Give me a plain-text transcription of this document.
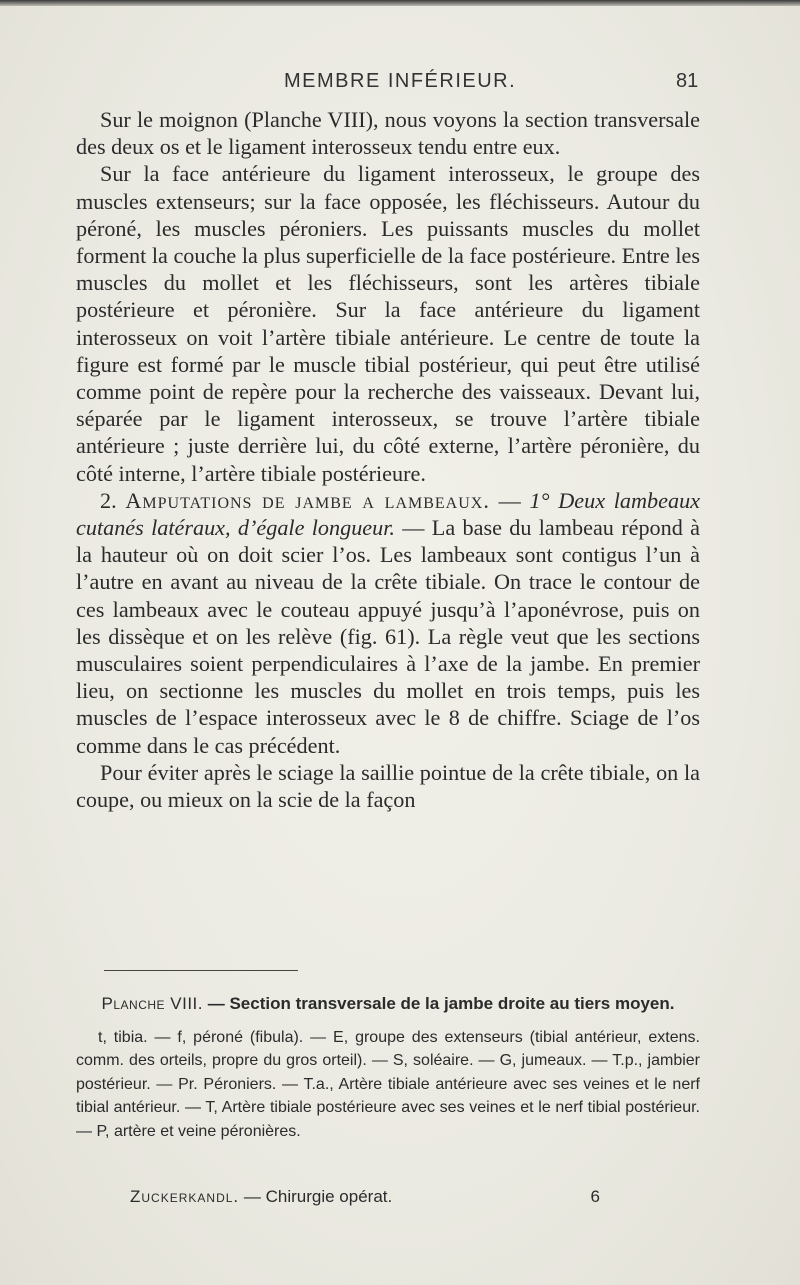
MEMBRE INFÉRIEUR.	81

Sur le moignon (Planche VIII), nous voyons la section transversale des deux os et le ligament interosseux tendu entre eux.

Sur la face antérieure du ligament interosseux, le groupe des muscles extenseurs; sur la face opposée, les fléchisseurs. Autour du péroné, les muscles péroniers. Les puissants muscles du mollet forment la couche la plus superficielle de la face postérieure. Entre les muscles du mollet et les fléchisseurs, sont les artères tibiale postérieure et péronière. Sur la face antérieure du ligament interosseux on voit l’artère tibiale antérieure. Le centre de toute la figure est formé par le muscle tibial postérieur, qui peut être utilisé comme point de repère pour la recherche des vaisseaux. Devant lui, séparée par le ligament interosseux, se trouve l’artère tibiale antérieure ; juste derrière lui, du côté externe, l’artère péronière, du côté interne, l’artère tibiale postérieure.

2. Amputations de jambe a lambeaux. — 1° Deux lambeaux cutanés latéraux, d’égale longueur. — La base du lambeau répond à la hauteur où on doit scier l’os. Les lambeaux sont contigus l’un à l’autre en avant au niveau de la crête tibiale. On trace le contour de ces lambeaux avec le couteau appuyé jusqu’à l’aponévrose, puis on les dissèque et on les relève (fig. 61). La règle veut que les sections musculaires soient perpendiculaires à l’axe de la jambe. En premier lieu, on sectionne les muscles du mollet en trois temps, puis les muscles de l’espace interosseux avec le 8 de chiffre. Sciage de l’os comme dans le cas précédent.

Pour éviter après le sciage la saillie pointue de la crête tibiale, on la coupe, ou mieux on la scie de la façon

Planche VIII. — Section transversale de la jambe droite au tiers moyen.
t, tibia. — f, péroné (fibula). — E, groupe des extenseurs (tibial antérieur, extens. comm. des orteils, propre du gros orteil). — S, soléaire. — G, jumeaux. — T.p., jambier postérieur. — Pr. Péroniers. — T.a., Artère tibiale antérieure avec ses veines et le nerf tibial antérieur. — T, Artère tibiale postérieure avec ses veines et le nerf tibial postérieur. — P, artère et veine péronières.
Zuckerkandl. — Chirurgie opérat.	6
